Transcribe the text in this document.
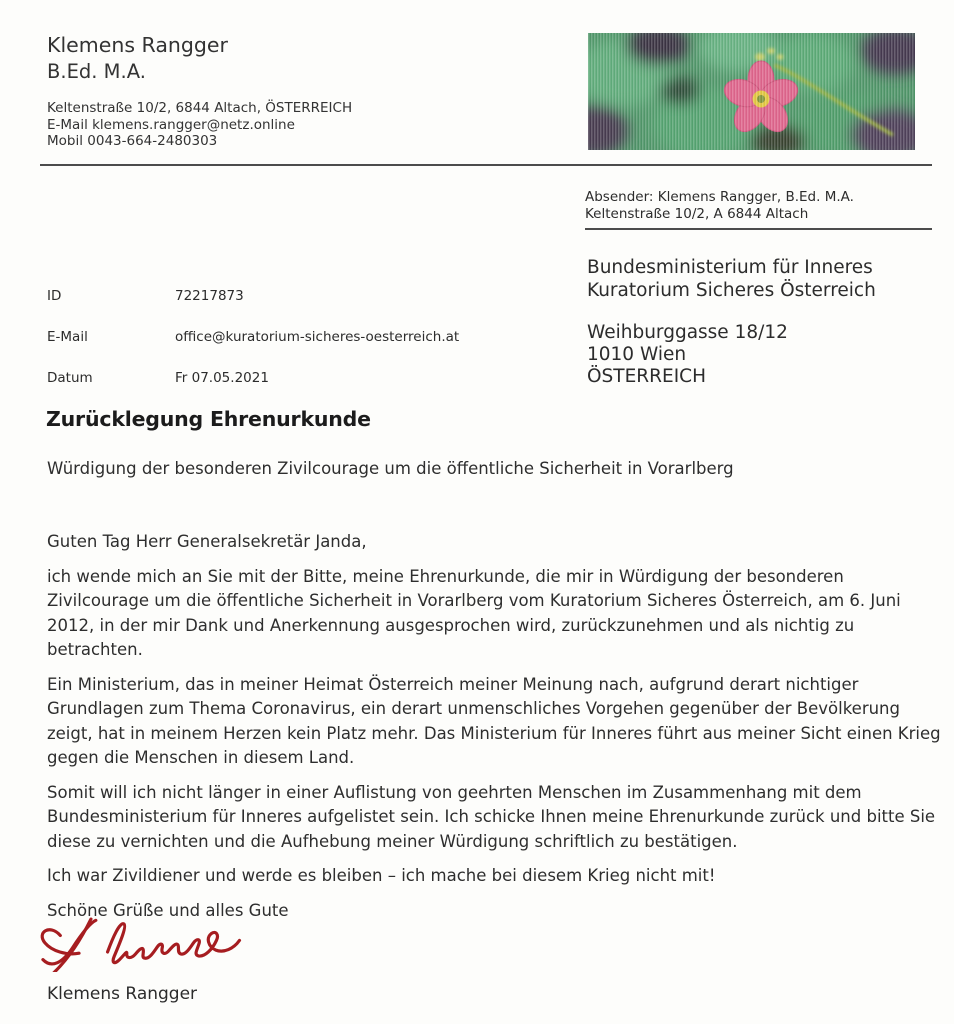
Klemens Rangger
B.Ed. M.A.
Keltenstraße 10/2, 6844 Altach, ÖSTERREICH
E-Mail klemens.rangger@netz.online
Mobil 0043-664-2480303
Absender: Klemens Rangger, B.Ed. M.A.
Keltenstraße 10/2, A 6844 Altach
Bundesministerium für Inneres
Kuratorium Sicheres Österreich
ID	72217873
E-Mail	office@kuratorium-sicheres-oesterreich.at
Datum	Fr 07.05.2021
Weihburggasse 18/12
1010 Wien
ÖSTERREICH
Zurücklegung Ehrenurkunde
Würdigung der besonderen Zivilcourage um die öffentliche Sicherheit in Vorarlberg

Guten Tag Herr Generalsekretär Janda,

ich wende mich an Sie mit der Bitte, meine Ehrenurkunde, die mir in Würdigung der besonderen Zivilcourage um die öffentliche Sicherheit in Vorarlberg vom Kuratorium Sicheres Österreich, am 6. Juni 2012, in der mir Dank und Anerkennung ausgesprochen wird, zurückzunehmen und als nichtig zu betrachten.

Ein Ministerium, das in meiner Heimat Österreich meiner Meinung nach, aufgrund derart nichtiger Grundlagen zum Thema Coronavirus, ein derart unmenschliches Vorgehen gegenüber der Bevölkerung zeigt, hat in meinem Herzen kein Platz mehr. Das Ministerium für Inneres führt aus meiner Sicht einen Krieg gegen die Menschen in diesem Land.

Somit will ich nicht länger in einer Auflistung von geehrten Menschen im Zusammenhang mit dem Bundesministerium für Inneres aufgelistet sein. Ich schicke Ihnen meine Ehrenurkunde zurück und bitte Sie diese zu vernichten und die Aufhebung meiner Würdigung schriftlich zu bestätigen.

Ich war Zivildiener und werde es bleiben – ich mache bei diesem Krieg nicht mit!

Schöne Grüße und alles Gute

Klemens Rangger
